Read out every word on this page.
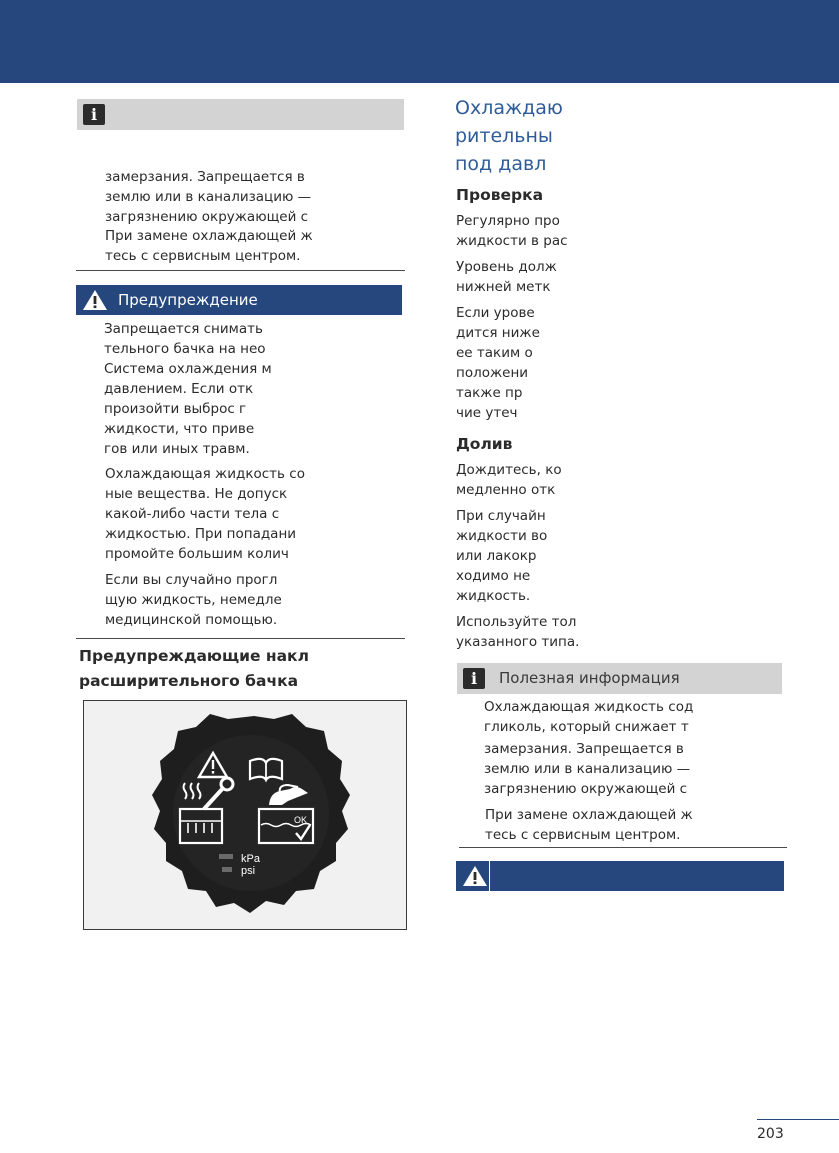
i

замерзания. Запрещается в

землю или в канализацию —

загрязнению окружающей с

При замене охлаждающей ж

тесь с сервисным центром.

Предупреждение

Запрещается снимать

тельного бачка на нео

Система охлаждения м

давлением. Если отк

произойти выброс г

жидкости, что приве

гов или иных травм.

Охлаждающая жидкость со

ные вещества. Не допуск

какой-либо части тела с

жидкостью. При попадани

промойте большим колич

Если вы случайно прогл

щую жидкость, немедле

медицинской помощью.

Предупреждающие накл

расширительного бачка

OK
kPa
psi
Охлаждаю
рительны
под давл

Проверка

Регулярно про

жидкости в рас

Уровень долж

нижней метк

Если урове

дится ниже

ее таким о

положени

также пр

чие утеч

Долив

Дождитесь, ко

медленно отк

При случайн

жидкости во

или лакокр

ходимо не

жидкость.

Используйте тол

указанного типа.

i	Полезная информация

Охлаждающая жидкость сод

гликоль, который снижает т

замерзания. Запрещается в

землю или в канализацию —

загрязнению окружающей с

При замене охлаждающей ж

тесь с сервисным центром.

203
